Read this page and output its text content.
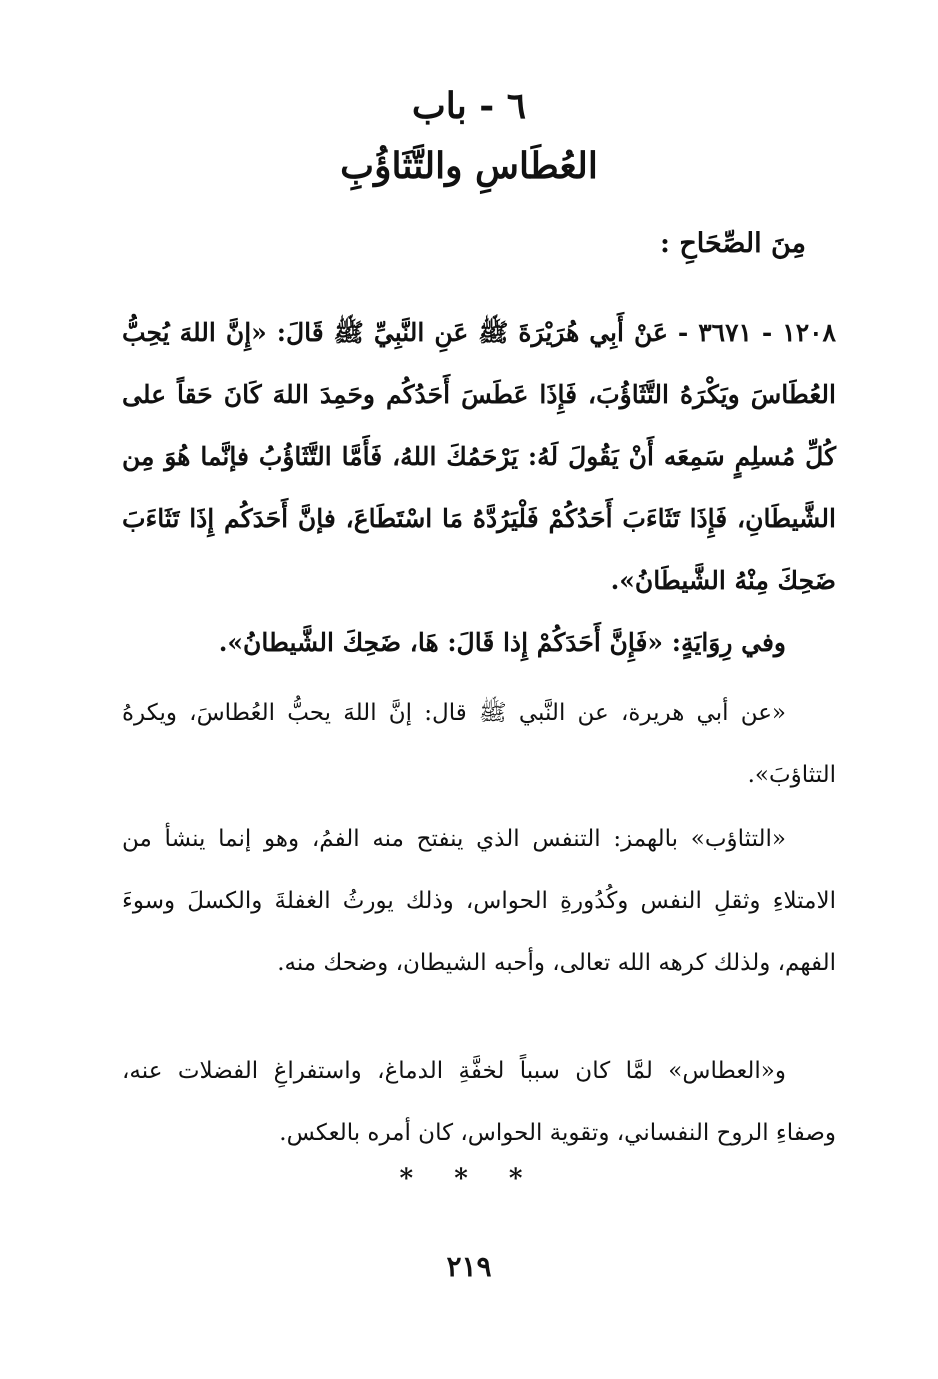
٦ - باب
العُطَاسِ والتَّثَاؤُبِ
مِنَ الصِّحَاحِ :

١٢٠٨ - ٣٦٧١ - عَنْ أَبِي هُرَيْرَةَ ﷺ عَنِ النَّبِيِّ ﷺ قَالَ: «إِنَّ اللهَ يُحِبُّ العُطَاسَ ويَكْرَهُ التَّثَاؤُبَ، فَإِذَا عَطَسَ أَحَدُكُم وحَمِدَ اللهَ كَانَ حَقاً على كُلِّ مُسلِمٍ سَمِعَه أَنْ يَقُولَ لَهُ: يَرْحَمُكَ اللهُ، فَأَمَّا التَّثَاؤُبُ فإنَّما هُوَ مِن الشَّيطَانِ، فَإِذَا تَثَاءَبَ أَحَدُكُمْ فَلْيَرُدَّهُ مَا اسْتَطَاعَ، فإنَّ أَحَدَكُم إِذَا تَثَاءَبَ ضَحِكَ مِنْهُ الشَّيطَانُ».

وفي رِوَايَةٍ: «فَإِنَّ أَحَدَكُمْ إِذا قَالَ: هَا، ضَحِكَ الشَّيطانُ».

«عن أبي هريرة، عن النَّبي ﷺ قال: إنَّ اللهَ يحبُّ العُطاسَ، ويكرهُ التثاؤبَ».

«التثاؤب» بالهمز: التنفس الذي ينفتح منه الفمُ، وهو إنما ينشأ من الامتلاءِ وثقلِ النفس وكُدُورةِ الحواس، وذلك يورثُ الغفلةَ والكسلَ وسوءَ الفهم، ولذلك كرهه الله تعالى، وأحبه الشيطان، وضحك منه.

و«العطاس» لمَّا كان سبباً لخفَّةِ الدماغ، واستفراغِ الفضلات عنه، وصفاءِ الروح النفساني، وتقوية الحواس، كان أمره بالعكس.

* * *
٢١٩
